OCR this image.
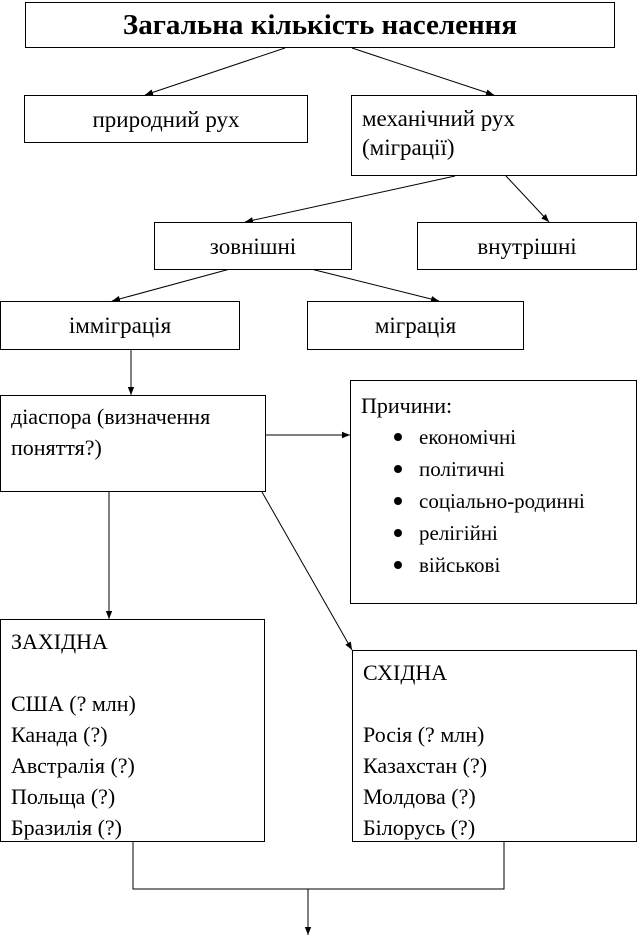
Загальна кількість населення
природний рух	механічний рух
(міграції)
зовнішні	внутрішні
імміграція	міграція
діаспора (визначення
поняття?)
Причини:
економічні
політичні
соціально-родинні
релігійні
військові
ЗАХІДНА
США (? млн)
Канада (?)
Австралія (?)
Польща (?)
Бразилія (?)
СХІДНА
Росія (? млн)
Казахстан (?)
Молдова (?)
Білорусь (?)
